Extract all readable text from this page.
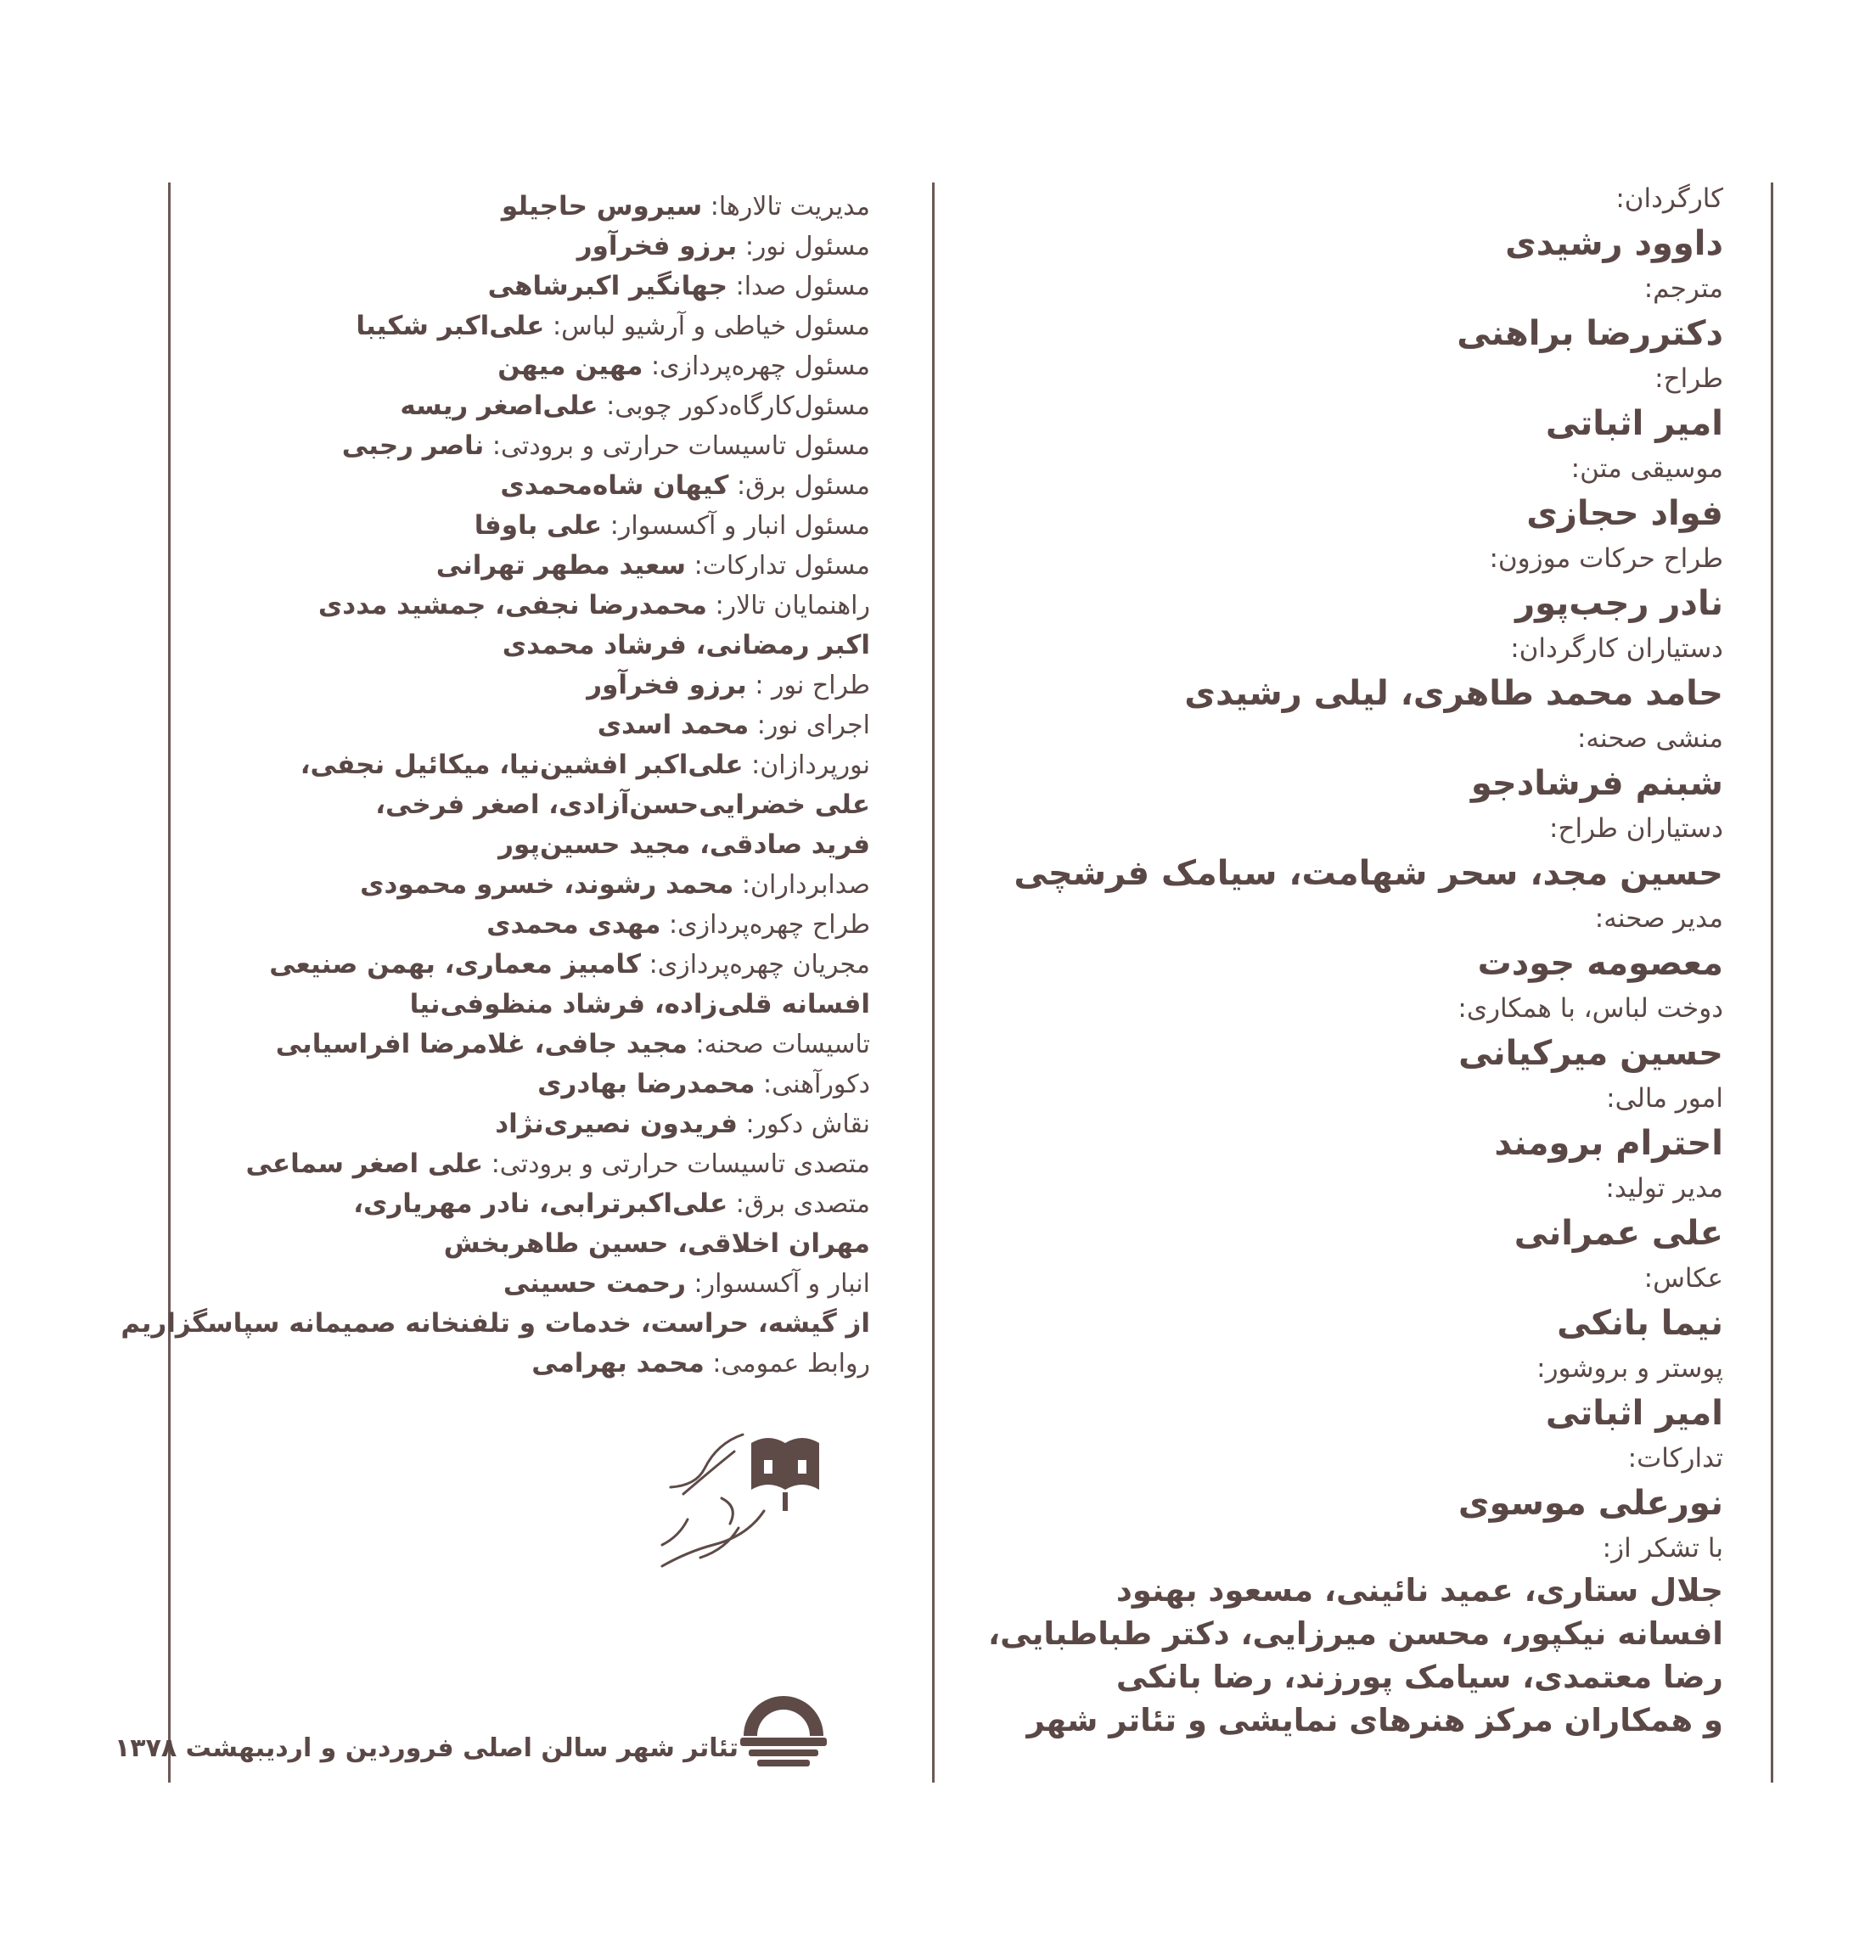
کارگردان:
داوود رشیدی
مترجم:
دکتررضا براهنی
طراح:
امیر اثباتی
موسیقی متن:
فواد حجازی
طراح حرکات موزون:
نادر رجب‌پور
دستیاران کارگردان:
حامد محمد طاهری، لیلی رشیدی
منشی صحنه:
شبنم فرشادجو
دستیاران طراح:
حسین مجد، سحر شهامت، سیامک فرشچی
مدیر صحنه:
معصومه جودت
دوخت لباس، با همکاری:
حسین میرکیانی
امور مالی:
احترام برومند
مدیر تولید:
علی عمرانی
عکاس:
نیما بانکی
پوستر و بروشور:
امیر اثباتی
تدارکات:
نورعلی موسوی
با تشکر از:
جلال ستاری، عمید نائینی، مسعود بهنود
افسانه نیکپور، محسن میرزایی، دکتر طباطبایی،
رضا معتمدی، سیامک پورزند، رضا بانکی
و همکاران مرکز هنرهای نمایشی و تئاتر شهر
مدیریت تالارها: سیروس حاجیلو
مسئول نور: برزو فخرآور
مسئول صدا: جهانگیر اکبرشاهی
مسئول خیاطی و آرشیو لباس: علی‌اکبر شکیبا
مسئول چهره‌پردازی: مهین میهن
مسئول‌کارگاه‌دکور چوبی: علی‌اصغر ریسه
مسئول تاسیسات حرارتی و برودتی: ناصر رجبی
مسئول برق: کیهان شاه‌محمدی
مسئول انبار و آکسسوار: علی باوفا
مسئول تدارکات: سعید مطهر تهرانی
راهنمایان تالار: محمدرضا نجفی، جمشید مددی
اکبر رمضانی، فرشاد محمدی
طراح نور : برزو فخرآور
اجرای نور: محمد اسدی
نورپردازان: علی‌اکبر افشین‌نیا، میکائیل نجفی،
علی خضرایی‌حسن‌آزادی، اصغر فرخی،
فرید صادقی، مجید حسین‌پور
صدابرداران: محمد رشوند، خسرو محمودی
طراح چهره‌پردازی: مهدی محمدی
مجریان چهره‌پردازی: کامبیز معماری، بهمن صنیعی
افسانه قلی‌زاده، فرشاد منظوفی‌نیا
تاسیسات صحنه: مجید جافی، غلامرضا افراسیابی
دکورآهنی: محمدرضا بهادری
نقاش دکور: فریدون نصیری‌نژاد
متصدی تاسیسات حرارتی و برودتی: علی اصغر سماعی
متصدی برق: علی‌اکبرترابی، نادر مهریاری،
مهران اخلاقی، حسین طاهربخش
انبار و آکسسوار: رحمت حسینی
از گیشه، حراست، خدمات و تلفنخانه صمیمانه سپاسگزاریم
روابط عمومی: محمد بهرامی
تئاتر شهر سالن اصلی فروردین و اردیبهشت ۱۳۷۸
